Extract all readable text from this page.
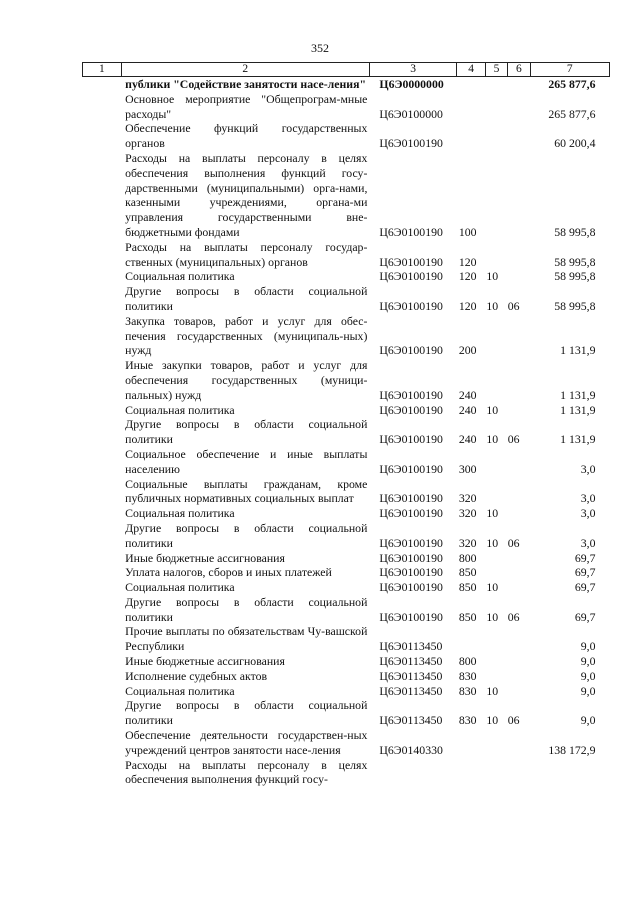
352
1	2	3	4	5	6	7
	публики "Содействие занятости насе-ления"	Ц6Э0000000				265 877,6
	Основное мероприятие "Общепрограм-мные расходы"	Ц6Э0100000				265 877,6
	Обеспечение функций государственных органов	Ц6Э0100190				60 200,4
	Расходы на выплаты персоналу в целях обеспечения выполнения функций госу-дарственными (муниципальными) орга-нами, казенными учреждениями, органа-ми управления государственными вне-бюджетными фондами	Ц6Э0100190	100			58 995,8
	Расходы на выплаты персоналу государ-ственных (муниципальных) органов	Ц6Э0100190	120			58 995,8
	Социальная политика	Ц6Э0100190	120	10		58 995,8
	Другие вопросы в области социальной политики	Ц6Э0100190	120	10	06	58 995,8
	Закупка товаров, работ и услуг для обес-печения государственных (муниципаль-ных) нужд	Ц6Э0100190	200			1 131,9
	Иные закупки товаров, работ и услуг для обеспечения государственных (муници-пальных) нужд	Ц6Э0100190	240			1 131,9
	Социальная политика	Ц6Э0100190	240	10		1 131,9
	Другие вопросы в области социальной политики	Ц6Э0100190	240	10	06	1 131,9
	Социальное обеспечение и иные выплаты населению	Ц6Э0100190	300			3,0
	Социальные выплаты гражданам, кроме публичных нормативных социальных выплат	Ц6Э0100190	320			3,0
	Социальная политика	Ц6Э0100190	320	10		3,0
	Другие вопросы в области социальной политики	Ц6Э0100190	320	10	06	3,0
	Иные бюджетные ассигнования	Ц6Э0100190	800			69,7
	Уплата налогов, сборов и иных платежей	Ц6Э0100190	850			69,7
	Социальная политика	Ц6Э0100190	850	10		69,7
	Другие вопросы в области социальной политики	Ц6Э0100190	850	10	06	69,7
	Прочие выплаты по обязательствам Чу-вашской Республики	Ц6Э0113450				9,0
	Иные бюджетные ассигнования	Ц6Э0113450	800			9,0
	Исполнение судебных актов	Ц6Э0113450	830			9,0
	Социальная политика	Ц6Э0113450	830	10		9,0
	Другие вопросы в области социальной политики	Ц6Э0113450	830	10	06	9,0
	Обеспечение деятельности государствен-ных учреждений центров занятости насе-ления	Ц6Э0140330				138 172,9
	Расходы на выплаты персоналу в целях обеспечения выполнения функций госу-					
